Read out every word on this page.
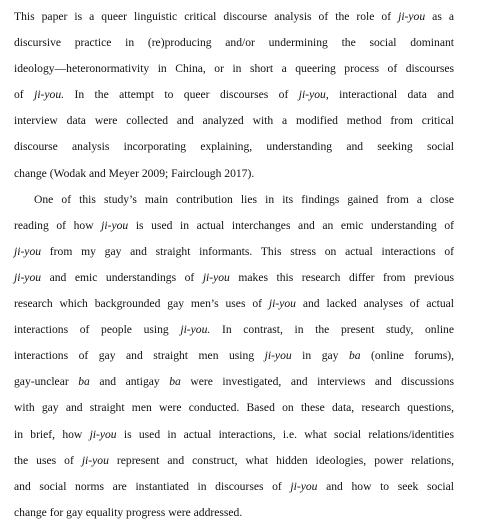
This paper is a queer linguistic critical discourse analysis of the role of ji-you as a
discursive practice in (re)producing and/or undermining the social dominant
ideology—heteronormativity in China, or in short a queering process of discourses
of ji-you. In the attempt to queer discourses of ji-you, interactional data and
interview data were collected and analyzed with a modified method from critical
discourse analysis incorporating explaining, understanding and seeking social
change (Wodak and Meyer 2009; Fairclough 2017).
One of this study’s main contribution lies in its findings gained from a close
reading of how ji-you is used in actual interchanges and an emic understanding of
ji-you from my gay and straight informants. This stress on actual interactions of
ji-you and emic understandings of ji-you makes this research differ from previous
research which backgrounded gay men’s uses of ji-you and lacked analyses of actual
interactions of people using ji-you. In contrast, in the present study, online
interactions of gay and straight men using ji-you in gay ba (online forums),
gay-unclear ba and antigay ba were investigated, and interviews and discussions
with gay and straight men were conducted. Based on these data, research questions,
in brief, how ji-you is used in actual interactions, i.e. what social relations/identities
the uses of ji-you represent and construct, what hidden ideologies, power relations,
and social norms are instantiated in discourses of ji-you and how to seek social
change for gay equality progress were addressed.
